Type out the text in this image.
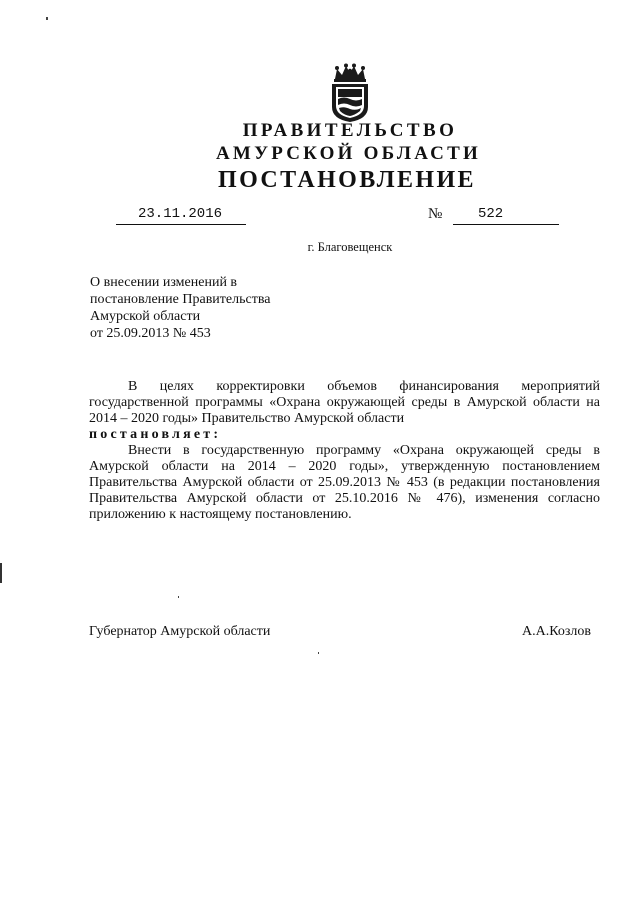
ПРАВИТЕЛЬСТВО
АМУРСКОЙ ОБЛАСТИ
ПОСТАНОВЛЕНИЕ
23.11.2016	№	522
г. Благовещенск
О внесении изменений в
постановление Правительства
Амурской области
от 25.09.2013 № 453
В целях корректировки объемов финансирования мероприятий государственной программы «Охрана окружающей среды в Амурской области на 2014 – 2020 годы» Правительство Амурской области
постановляет:
Внести в государственную программу «Охрана окружающей среды в Амурской области на 2014 – 2020 годы», утвержденную постановлением Правительства Амурской области от 25.09.2013 № 453 (в редакции постановления Правительства Амурской области от 25.10.2016 № 476), изменения согласно приложению к настоящему постановлению.
Губернатор Амурской области	А.А.Козлов
